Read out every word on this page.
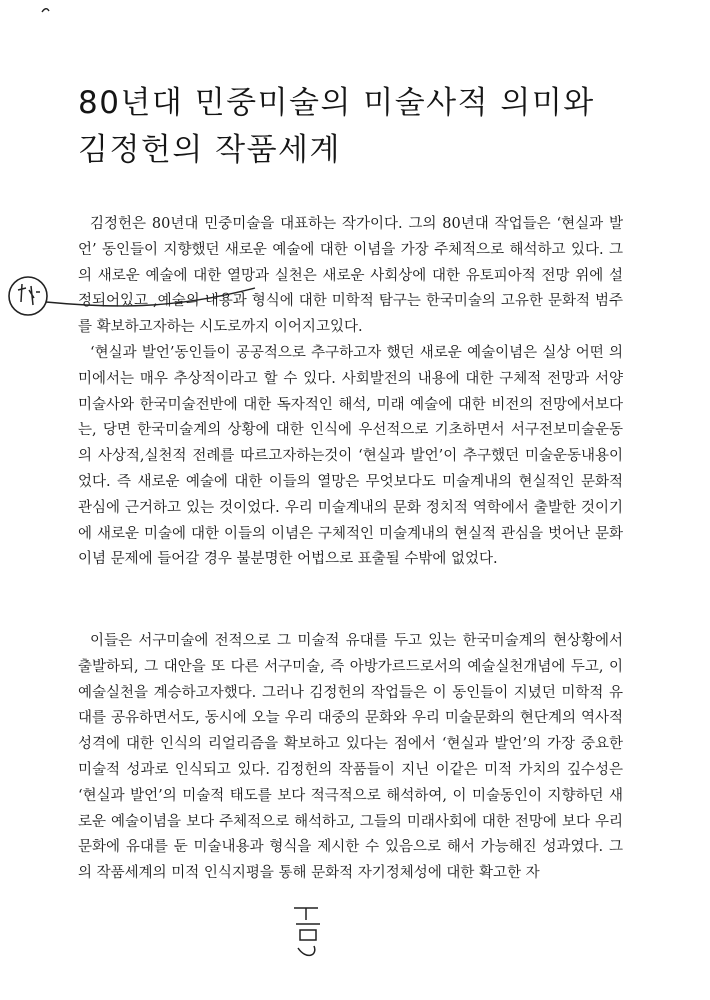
80년대 민중미술의 미술사적 의미와
김정헌의 작품세계

김정헌은 80년대 민중미술을 대표하는 작가이다. 그의 80년대 작업들은 ‘현실과 발언’ 동인들이 지향했던 새로운 예술에 대한 이념을 가장 주체적으로 해석하고 있다. 그의 새로운 예술에 대한 열망과 실천은 새로운 사회상에 대한 유토피아적 전망 위에 설정되어있고 ,예술의 내용과 형식에 대한 미학적 탐구는 한국미술의 고유한 문화적 범주를 확보하고자하는 시도로까지 이어지고있다.

‘현실과 발언’동인들이 공공적으로 추구하고자 했던 새로운 예술이념은 실상 어떤 의미에서는 매우 추상적이라고 할 수 있다. 사회발전의 내용에 대한 구체적 전망과 서양미술사와 한국미술전반에 대한 독자적인 해석, 미래 예술에 대한 비전의 전망에서보다는, 당면 한국미술계의 상황에 대한 인식에 우선적으로 기초하면서 서구전보미술운동의 사상적,실천적 전례를 따르고자하는것이 ‘현실과 발언’이 추구했던 미술운동내용이었다. 즉 새로운 예술에 대한 이들의 열망은 무엇보다도 미술계내의 현실적인 문화적 관심에 근거하고 있는 것이었다. 우리 미술계내의 문화 정치적 역학에서 출발한 것이기에 새로운 미술에 대한 이들의 이념은 구체적인 미술계내의 현실적 관심을 벗어난 문화이념 문제에 들어갈 경우 불분명한 어법으로 표출될 수밖에 없었다.

이들은 서구미술에 전적으로 그 미술적 유대를 두고 있는 한국미술계의 현상황에서 출발하되, 그 대안을 또 다른 서구미술, 즉 아방가르드로서의 예술실천개념에 두고, 이 예술실천을 계승하고자했다. 그러나 김정헌의 작업들은 이 동인들이 지녔던 미학적 유대를 공유하면서도, 동시에 오늘 우리 대중의 문화와 우리 미술문화의 현단계의 역사적 성격에 대한 인식의 리얼리즘을 확보하고 있다는 점에서 ‘현실과 발언’의 가장 중요한 미술적 성과로 인식되고 있다. 김정헌의 작품들이 지닌 이같은 미적 가치의 깊수성은 ‘현실과 발언’의 미술적 태도를 보다 적극적으로 해석하여, 이 미술동인이 지향하던 새로운 예술이념을 보다 주체적으로 해석하고, 그들의 미래사회에 대한 전망에 보다 우리문화에 유대를 둔 미술내용과 형식을 제시한 수 있음으로 해서 가능해진 성과였다. 그의 작품세계의 미적 인식지평을 통해 문화적 자기정체성에 대한 확고한 자
